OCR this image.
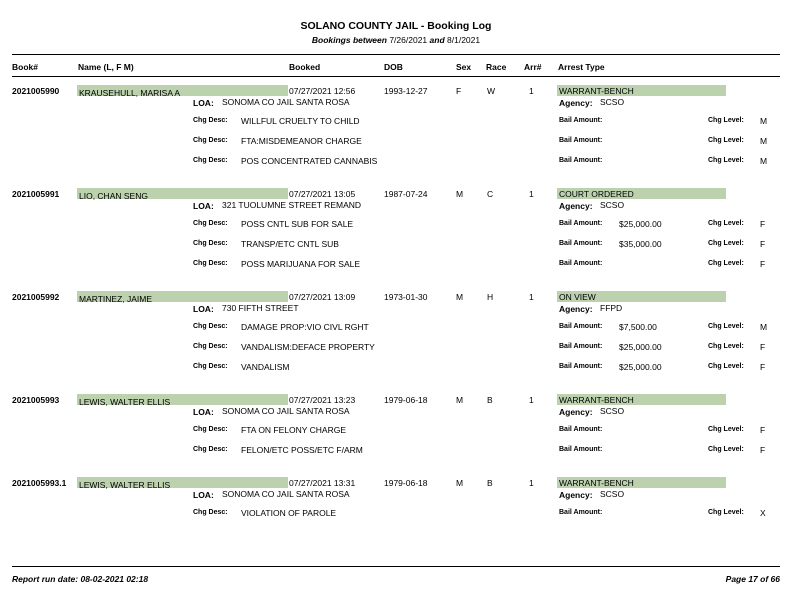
SOLANO COUNTY JAIL - Booking Log
Bookings between 7/26/2021 and 8/1/2021
Book#	Name (L, F M)	Booked	DOB	Sex Race Arr# Arrest Type
2021005990 KRAUSEHULL, MARISA A	07/27/2021 12:56	1993-12-27	F	W	1	WARRANT-BENCH
LOA: SONOMA CO JAIL SANTA ROSA	Agency: SCSO
Chg Desc: WILLFUL CRUELTY TO CHILD	Bail Amount:	Chg Level: M
Chg Desc: FTA:MISDEMEANOR CHARGE	Bail Amount:	Chg Level: M
Chg Desc: POS CONCENTRATED CANNABIS	Bail Amount:	Chg Level: M
2021005991 LIO, CHAN SENG	07/27/2021 13:05	1987-07-24	M	C	1	COURT ORDERED
LOA: 321 TUOLUMNE STREET REMAND	Agency: SCSO
Chg Desc: POSS CNTL SUB FOR SALE	Bail Amount: $25,000.00	Chg Level: F
Chg Desc: TRANSP/ETC CNTL SUB	Bail Amount: $35,000.00	Chg Level: F
Chg Desc: POSS MARIJUANA FOR SALE	Bail Amount:	Chg Level: F
2021005992 MARTINEZ, JAIME	07/27/2021 13:09	1973-01-30	M	H	1	ON VIEW
LOA: 730 FIFTH STREET	Agency: FFPD
Chg Desc: DAMAGE PROP:VIO CIVL RGHT	Bail Amount: $7,500.00	Chg Level: M
Chg Desc: VANDALISM:DEFACE PROPERTY	Bail Amount: $25,000.00	Chg Level: F
Chg Desc: VANDALISM	Bail Amount: $25,000.00	Chg Level: F
2021005993 LEWIS, WALTER ELLIS	07/27/2021 13:23	1979-06-18	M	B	1	WARRANT-BENCH
LOA: SONOMA CO JAIL SANTA ROSA	Agency: SCSO
Chg Desc: FTA ON FELONY CHARGE	Bail Amount:	Chg Level: F
Chg Desc: FELON/ETC POSS/ETC F/ARM	Bail Amount:	Chg Level: F
2021005993.1 LEWIS, WALTER ELLIS	07/27/2021 13:31	1979-06-18	M	B	1	WARRANT-BENCH
LOA: SONOMA CO JAIL SANTA ROSA	Agency: SCSO
Chg Desc: VIOLATION OF PAROLE	Bail Amount:	Chg Level: X
Report run date: 08-02-2021 02:18	Page 17 of 66
